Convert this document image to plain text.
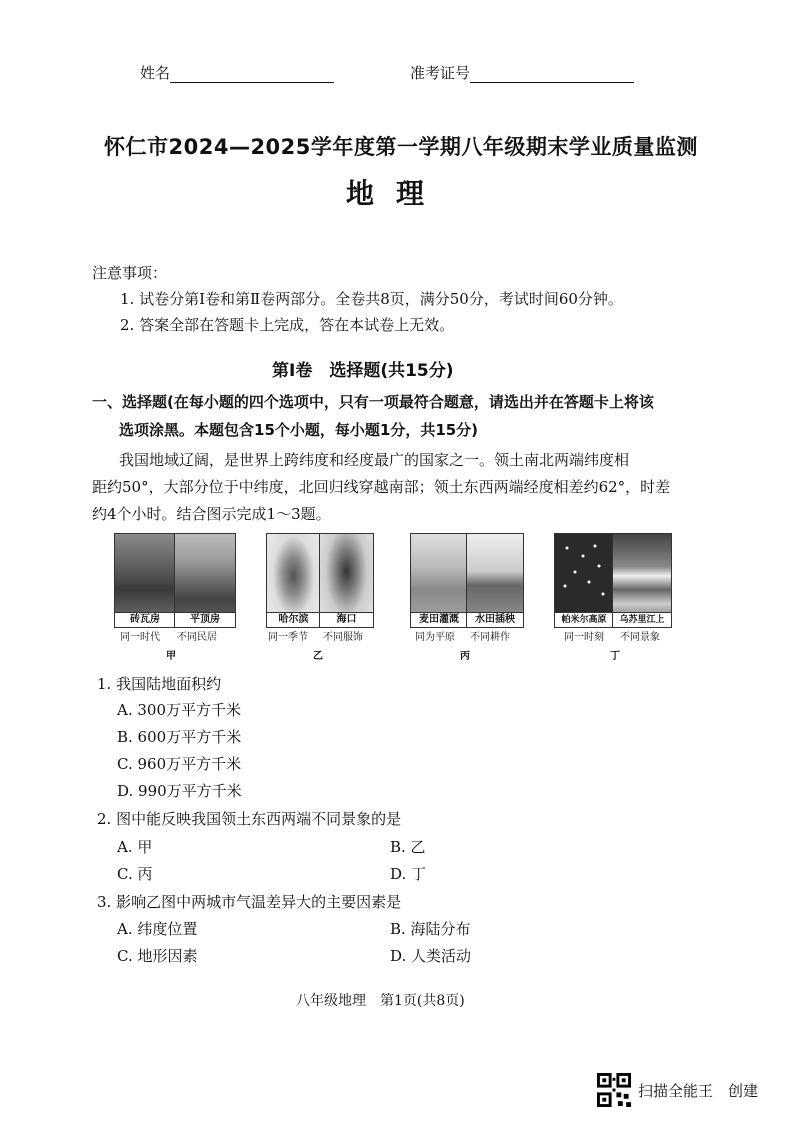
姓名	准考证号
怀仁市2024—2025学年度第一学期八年级期末学业质量监测
地理
注意事项：
1. 试卷分第Ⅰ卷和第Ⅱ卷两部分。全卷共8页，满分50分，考试时间60分钟。
2. 答案全部在答题卡上完成，答在本试卷上无效。
第Ⅰ卷　选择题(共15分)
一、选择题(在每小题的四个选项中，只有一项最符合题意，请选出并在答题卡上将该
选项涂黑。本题包含15个小题，每小题1分，共15分)
我国地域辽阔，是世界上跨纬度和经度最广的国家之一。领土南北两端纬度相
距约50°，大部分位于中纬度，北回归线穿越南部；领土东西两端经度相差约62°，时差
约4个小时。结合图示完成1～3题。
砖瓦房	平顶房
同一时代 不同民居
甲
哈尔滨	海口
同一季节 不同服饰
乙
麦田灌溉	水田插秧
同为平原 不同耕作
丙
帕米尔高原	乌苏里江上
同一时刻 不同景象
丁
1. 我国陆地面积约
A. 300万平方千米
B. 600万平方千米
C. 960万平方千米
D. 990万平方千米
2. 图中能反映我国领土东西两端不同景象的是
A. 甲	B. 乙
C. 丙	D. 丁
3. 影响乙图中两城市气温差异大的主要因素是
A. 纬度位置	B. 海陆分布
C. 地形因素	D. 人类活动
八年级地理　第1页(共8页)
扫描全能王　创建
